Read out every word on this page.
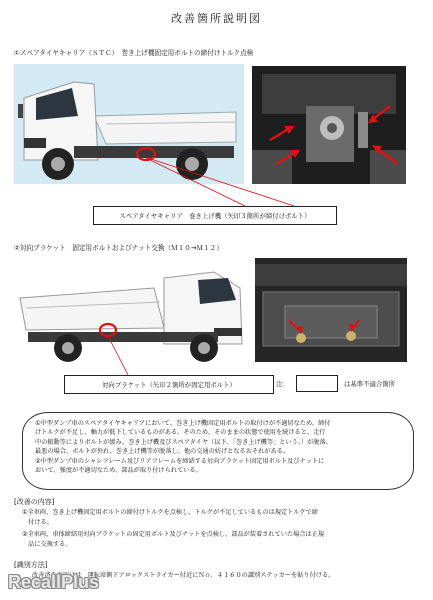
改善箇所説明図
①スペアタイヤキャリア（ＳＴＣ）　巻き上げ機固定用ボルトの締付けトルク点検
スペアタイヤキャリア　巻き上げ機（矢印３箇所が締付けボルト）
②対向ブラケット　固定用ボルトおよびナット交換（Ｍ１０→Ｍ１２）
対向ブラケット（矢印２箇所が固定用ボルト）	注：	は基準不適合箇所

①中型ダンプ車のスペアタイヤキャリアにおいて、巻き上げ機固定用ボルトの取付けが不適切なため、締付

けトルクが不足し、軸力が低下しているものがある。そのため、そのままの状態で使用を続けると、走行

中の振動等によりボルトが緩み、巻き上げ機及びスペアタイヤ（以下、「巻き上げ機等」という。）が脱落、

最悪の場合、ボルトが外れ、巻き上げ機等が脱落し、他の交通の妨げとなるおそれがある。

②中型ダンプ車のシャシフレーム及びリアフレームを締結する対向ブラケット固定用ボルト及びナットに

おいて、強度が不適切なため、部品が取り付けられている。

[改善の内容]
①全車両、巻き上げ機固定用ボルトの締付けトルクを点検し、トルクが不足しているものは規定トルクで締
　付ける。
②全車両、車体締結用対向ブラケットの固定用ボルト及びナットを点検し、部品が装着されていた場合は正規
　品に交換する。
[識別方法]
改善済み車両には　運転席側ドアロックストライカー付近にＮｏ．４１６０の識別ステッカーを貼り付ける。
RecallPlus
